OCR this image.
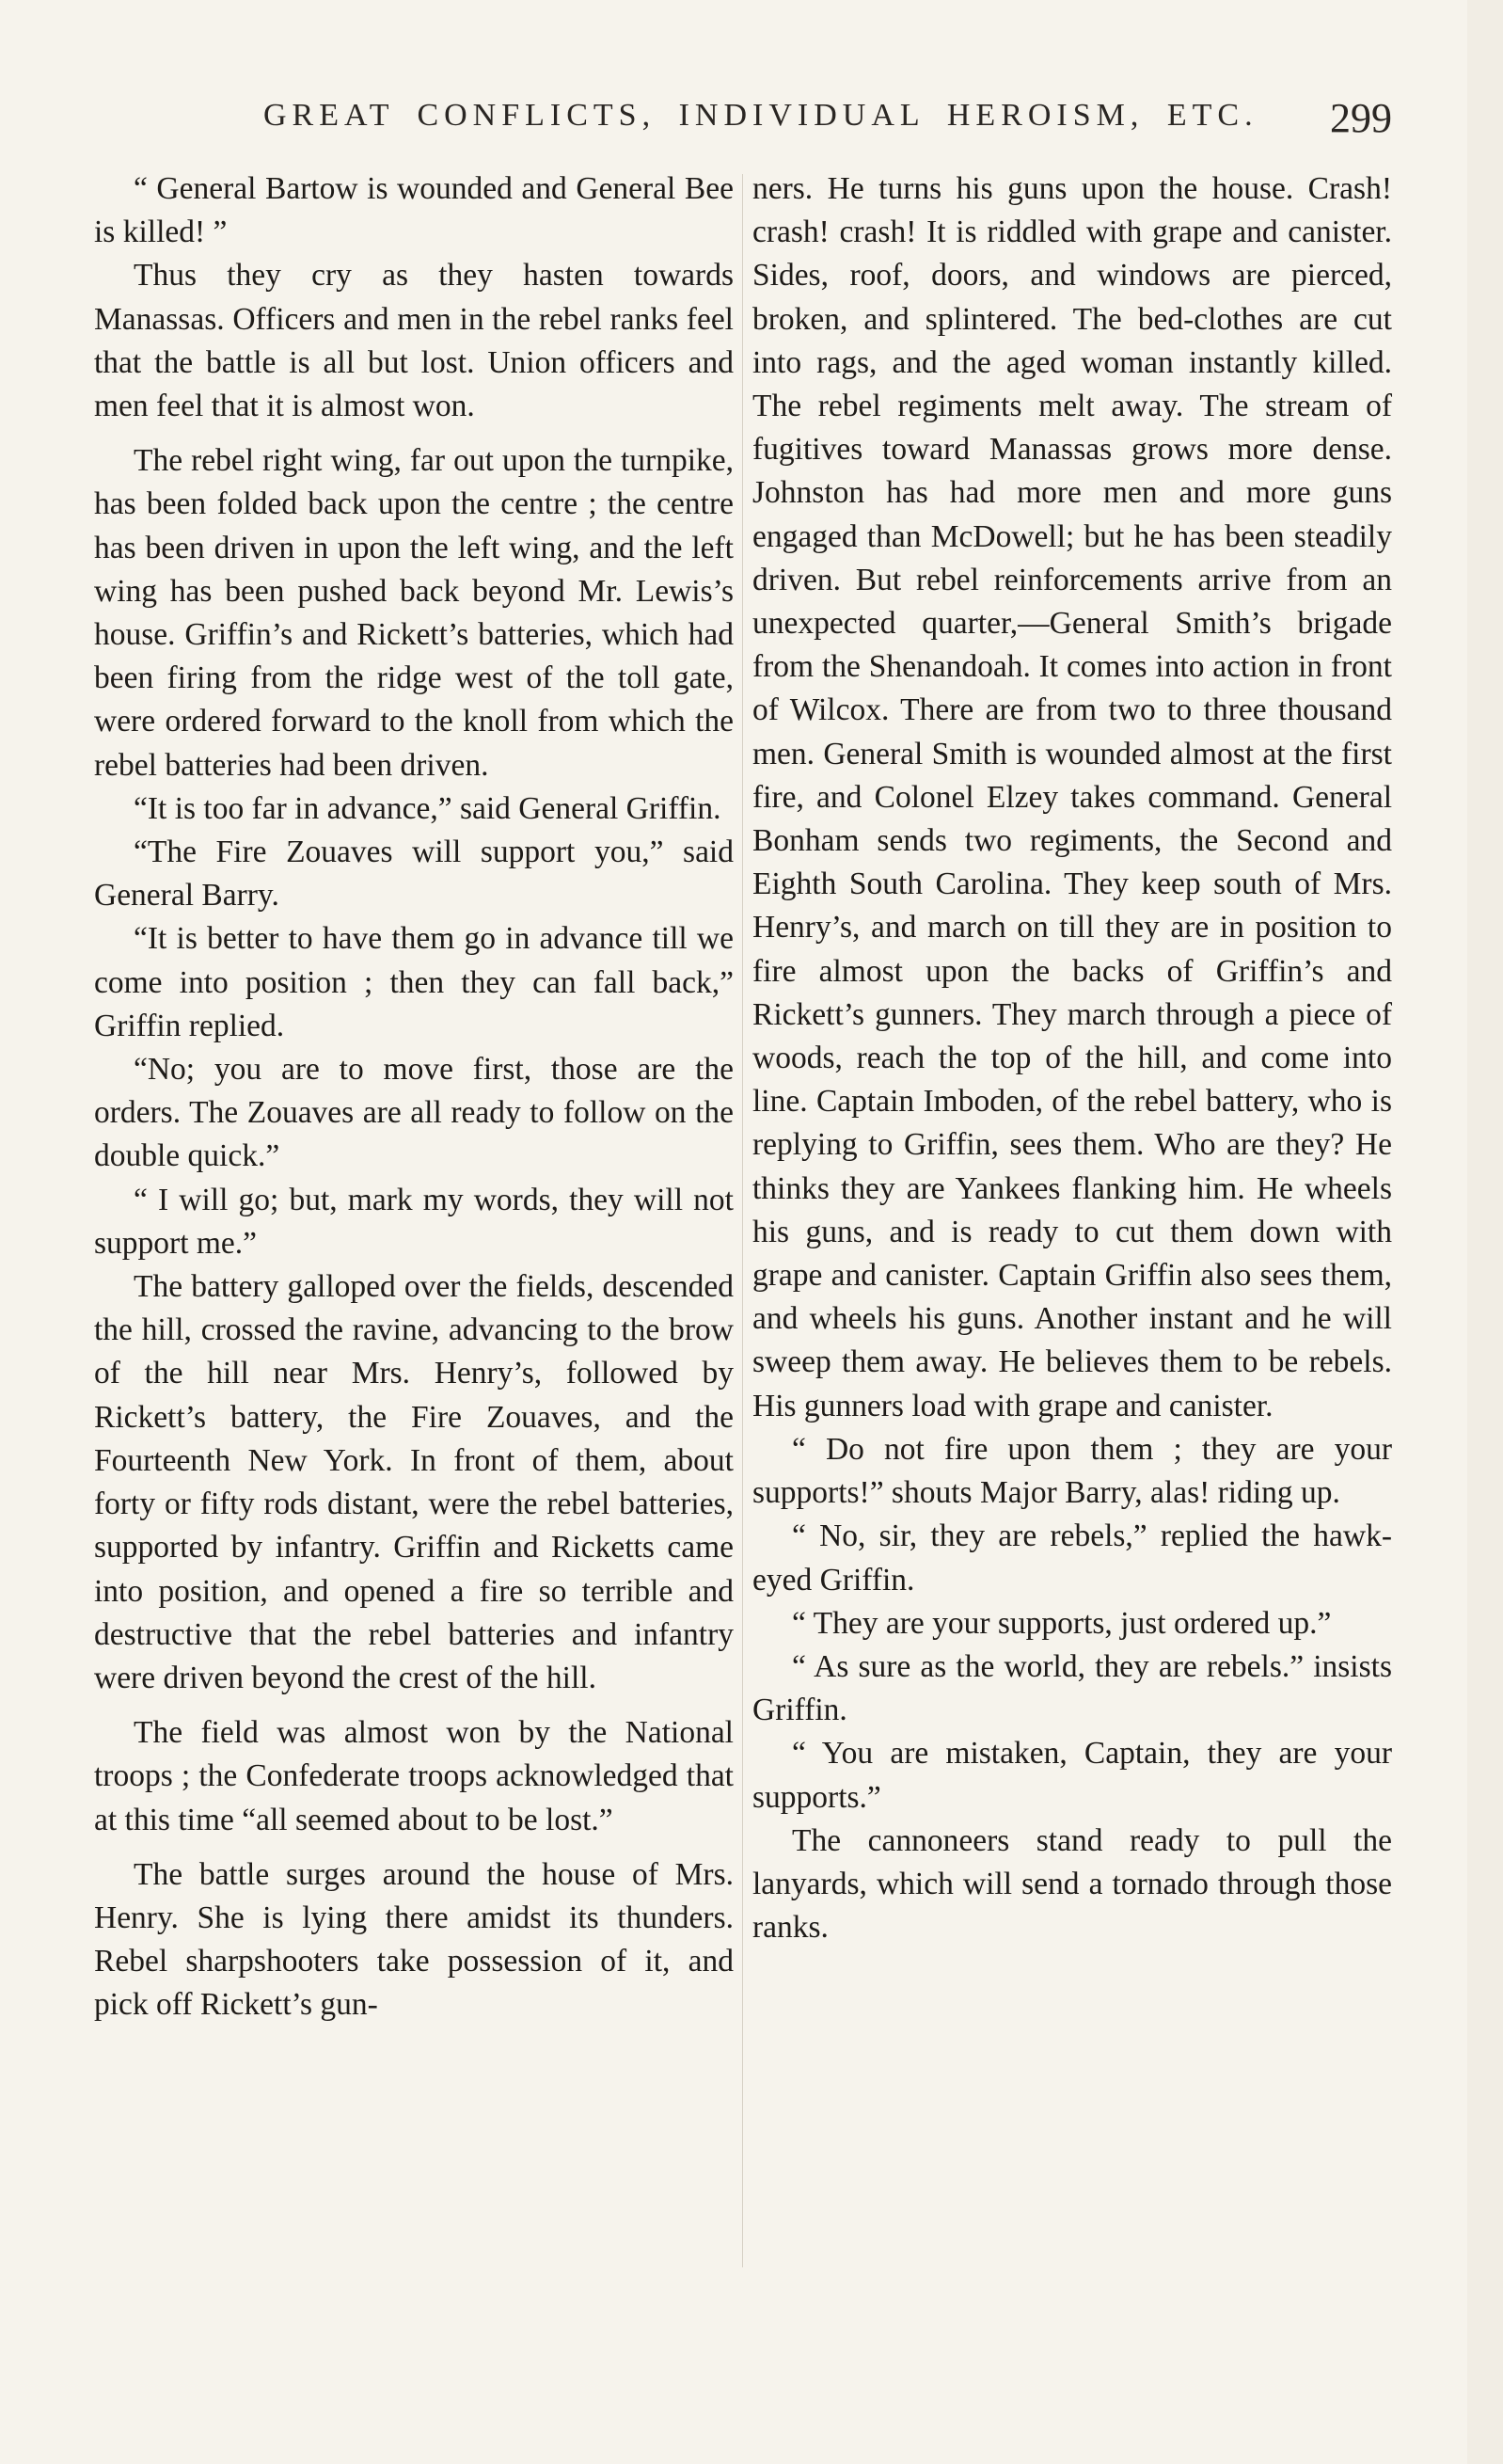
GREAT CONFLICTS, INDIVIDUAL HEROISM, ETC. 299

“ General Bartow is wounded and General Bee is killed! ”

Thus they cry as they hasten towards Manassas. Officers and men in the rebel ranks feel that the battle is all but lost. Union officers and men feel that it is almost won.

The rebel right wing, far out upon the turnpike, has been folded back upon the centre ; the centre has been driven in upon the left wing, and the left wing has been pushed back beyond Mr. Lewis’s house. Griffin’s and Rickett’s batteries, which had been firing from the ridge west of the toll gate, were ordered forward to the knoll from which the rebel batteries had been driven.

“It is too far in advance,” said General Griffin.

“The Fire Zouaves will support you,” said General Barry.

“It is better to have them go in advance till we come into position ; then they can fall back,” Griffin replied.

“No; you are to move first, those are the orders. The Zouaves are all ready to follow on the double quick.”

“ I will go; but, mark my words, they will not support me.”

The battery galloped over the fields, descended the hill, crossed the ravine, advancing to the brow of the hill near Mrs. Henry’s, followed by Rickett’s battery, the Fire Zouaves, and the Fourteenth New York. In front of them, about forty or fifty rods distant, were the rebel batteries, supported by infantry. Griffin and Ricketts came into position, and opened a fire so terrible and destructive that the rebel batteries and infantry were driven beyond the crest of the hill.

The field was almost won by the National troops ; the Confederate troops acknowledged that at this time “all seemed about to be lost.”

The battle surges around the house of Mrs. Henry. She is lying there amidst its thunders. Rebel sharpshooters take possession of it, and pick off Rickett’s gun-

ners. He turns his guns upon the house. Crash! crash! crash! It is riddled with grape and canister. Sides, roof, doors, and windows are pierced, broken, and splintered. The bed-clothes are cut into rags, and the aged woman instantly killed. The rebel regiments melt away. The stream of fugitives toward Manassas grows more dense. Johnston has had more men and more guns engaged than McDowell; but he has been steadily driven. But rebel reinforcements arrive from an unexpected quarter,—General Smith’s brigade from the Shenandoah. It comes into action in front of Wilcox. There are from two to three thousand men. General Smith is wounded almost at the first fire, and Colonel Elzey takes command. General Bonham sends two regiments, the Second and Eighth South Carolina. They keep south of Mrs. Henry’s, and march on till they are in position to fire almost upon the backs of Griffin’s and Rickett’s gunners. They march through a piece of woods, reach the top of the hill, and come into line. Captain Imboden, of the rebel battery, who is replying to Griffin, sees them. Who are they? He thinks they are Yankees flanking him. He wheels his guns, and is ready to cut them down with grape and canister. Captain Griffin also sees them, and wheels his guns. Another instant and he will sweep them away. He believes them to be rebels. His gunners load with grape and canister.

“ Do not fire upon them ; they are your supports!” shouts Major Barry, alas! riding up.

“ No, sir, they are rebels,” replied the hawk-eyed Griffin.

“ They are your supports, just ordered up.”

“ As sure as the world, they are rebels.” insists Griffin.

“ You are mistaken, Captain, they are your supports.”

The cannoneers stand ready to pull the lanyards, which will send a tornado through those ranks.
